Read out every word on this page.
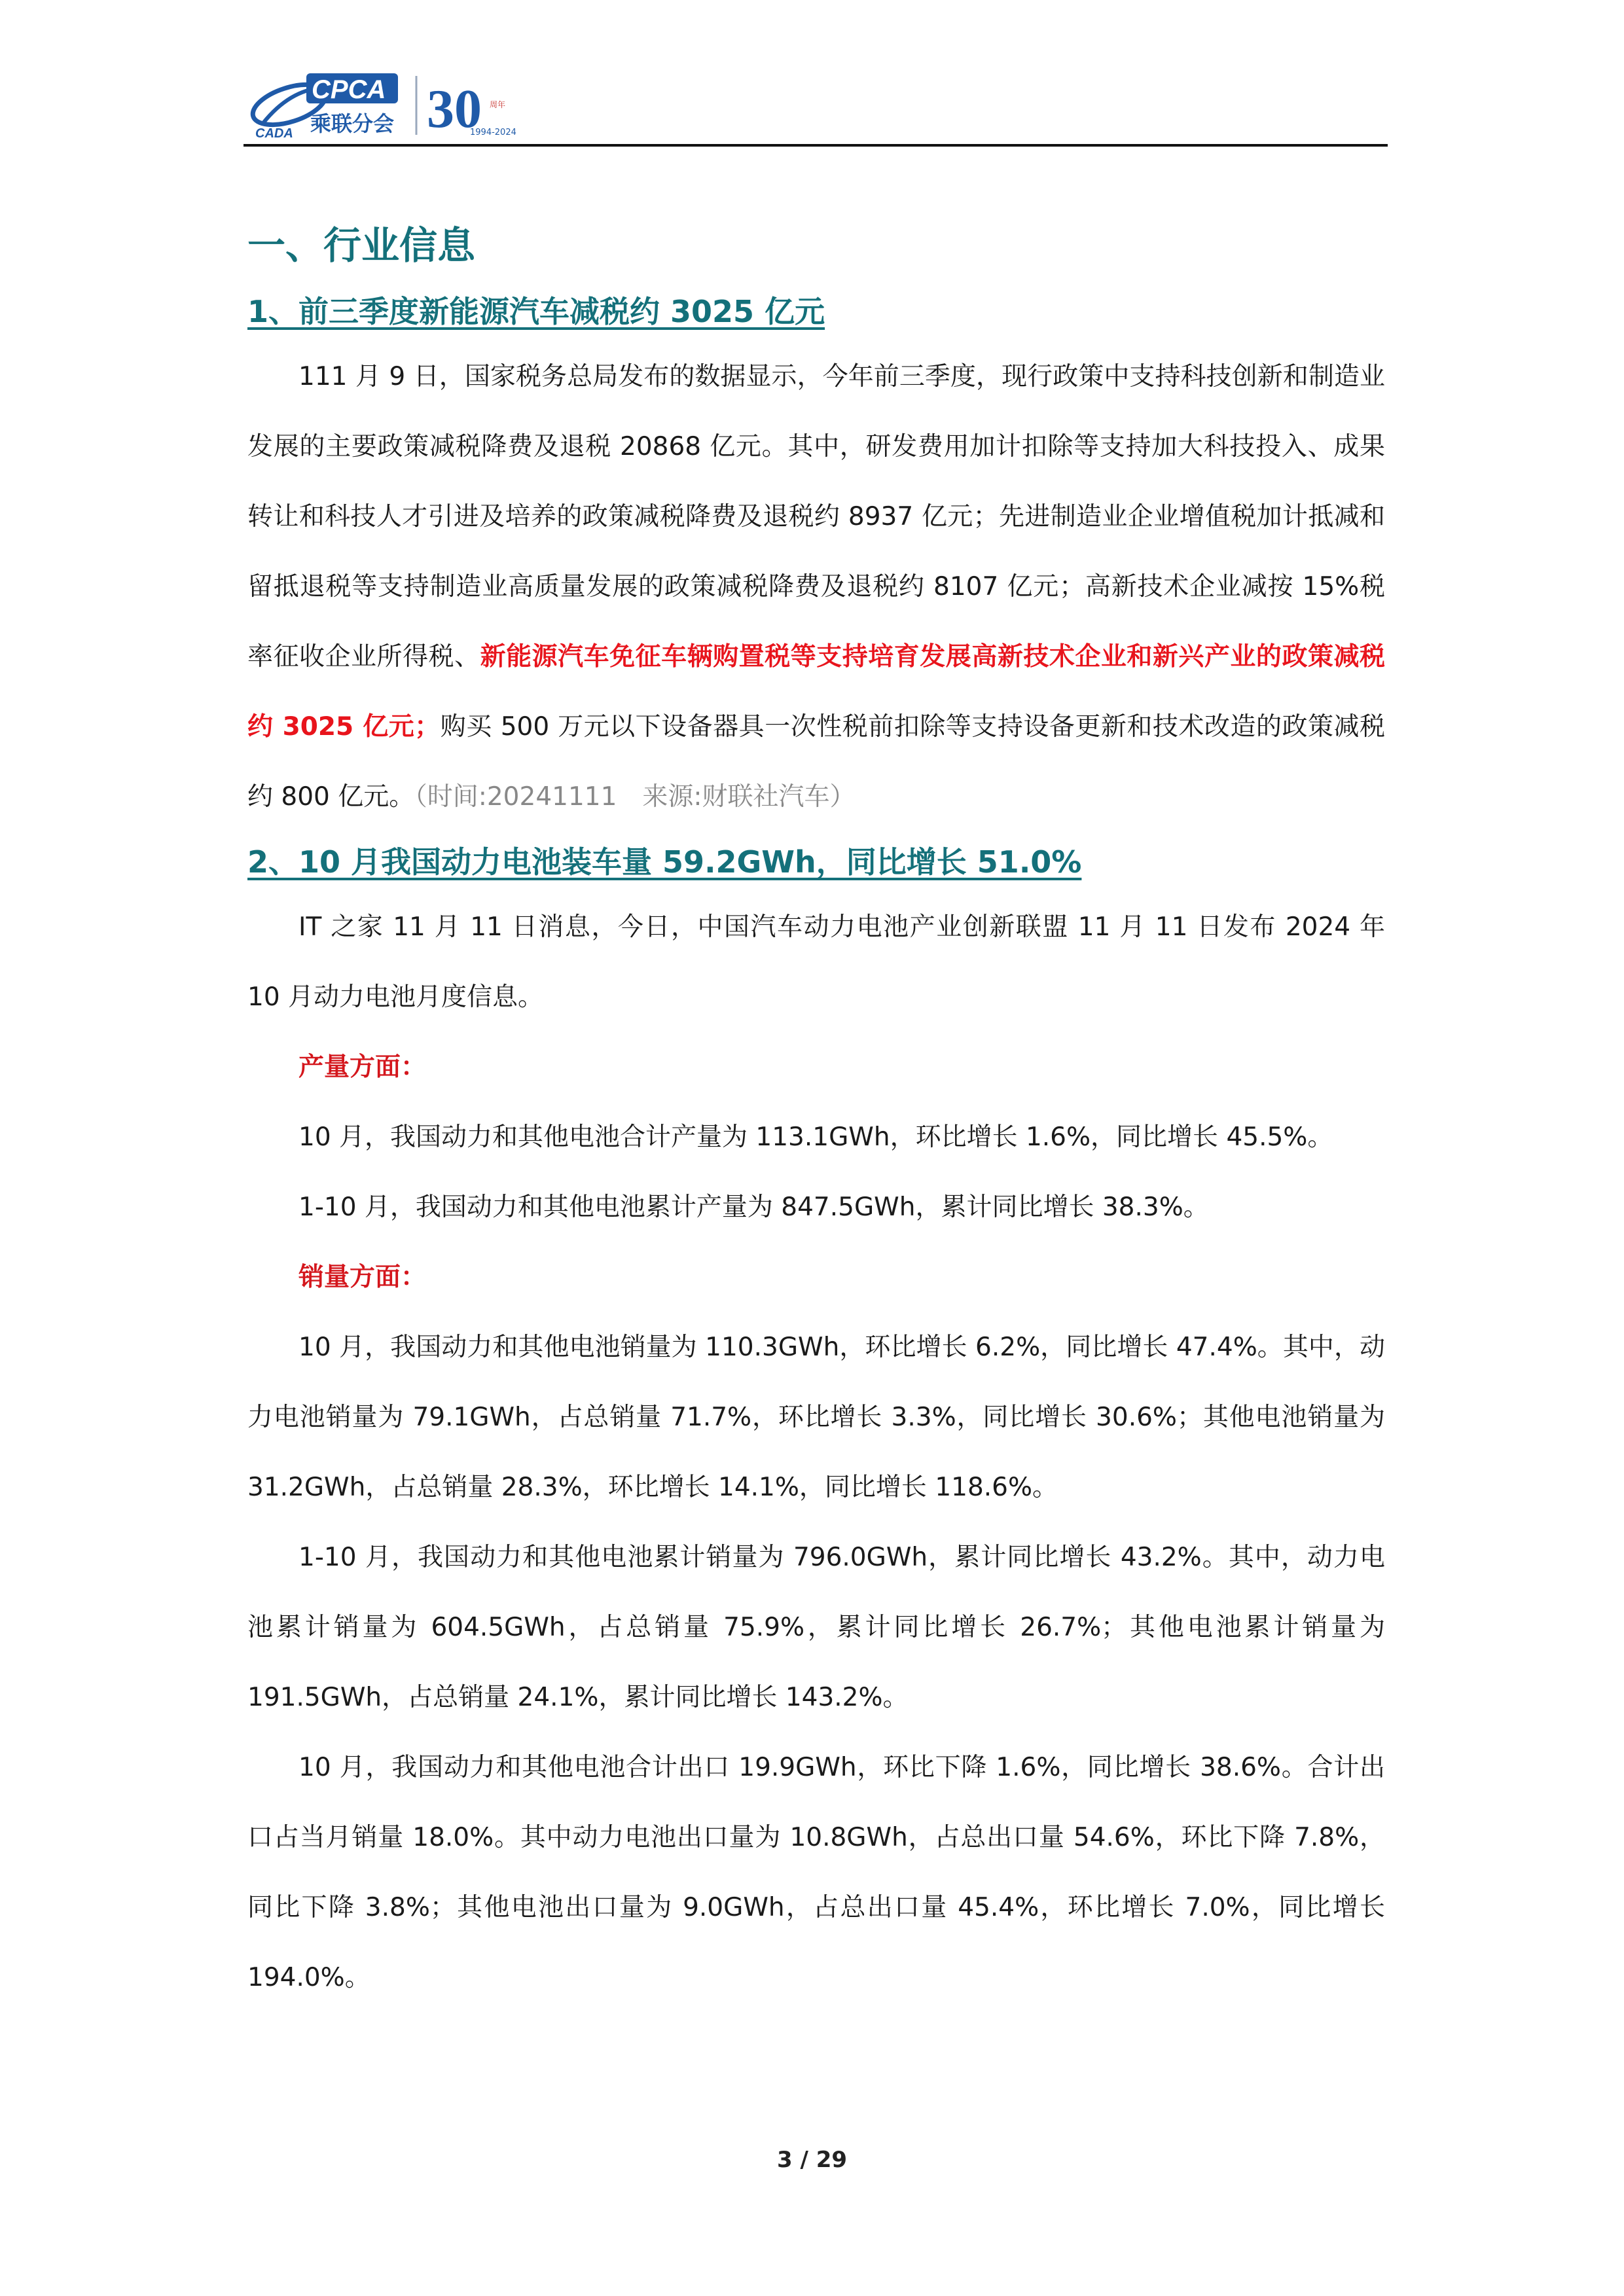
CADA
CPCA
乘联分会 30 周年
1994-2024
一、行业信息
1、前三季度新能源汽车减税约 3025 亿元

111 月 9 日，国家税务总局发布的数据显示，今年前三季度，现行政策中支持科技创新和制造业发展的主要政策减税降费及退税 20868 亿元。其中，研发费用加计扣除等支持加大科技投入、成果转让和科技人才引进及培养的政策减税降费及退税约 8937 亿元；先进制造业企业增值税加计抵减和留抵退税等支持制造业高质量发展的政策减税降费及退税约 8107 亿元；高新技术企业减按 15%税率征收企业所得税、新能源汽车免征车辆购置税等支持培育发展高新技术企业和新兴产业的政策减税约 3025 亿元；购买 500 万元以下设备器具一次性税前扣除等支持设备更新和技术改造的政策减税约 800 亿元。（时间:20241111　来源:财联社汽车）

2、10 月我国动力电池装车量 59.2GWh，同比增长 51.0%

IT 之家 11 月 11 日消息，今日，中国汽车动力电池产业创新联盟 11 月 11 日发布 2024 年 10 月动力电池月度信息。

产量方面：

10 月，我国动力和其他电池合计产量为 113.1GWh，环比增长 1.6%，同比增长 45.5%。

1-10 月，我国动力和其他电池累计产量为 847.5GWh，累计同比增长 38.3%。

销量方面：

10 月，我国动力和其他电池销量为 110.3GWh，环比增长 6.2%，同比增长 47.4%。其中，动力电池销量为 79.1GWh，占总销量 71.7%，环比增长 3.3%，同比增长 30.6%；其他电池销量为 31.2GWh，占总销量 28.3%，环比增长 14.1%，同比增长 118.6%。

1-10 月，我国动力和其他电池累计销量为 796.0GWh，累计同比增长 43.2%。其中，动力电池累计销量为 604.5GWh，占总销量 75.9%，累计同比增长 26.7%；其他电池累计销量为 191.5GWh，占总销量 24.1%，累计同比增长 143.2%。

10 月，我国动力和其他电池合计出口 19.9GWh，环比下降 1.6%，同比增长 38.6%。合计出口占当月销量 18.0%。其中动力电池出口量为 10.8GWh，占总出口量 54.6%，环比下降 7.8%，同比下降 3.8%；其他电池出口量为 9.0GWh，占总出口量 45.4%，环比增长 7.0%，同比增长 194.0%。

3 / 29
